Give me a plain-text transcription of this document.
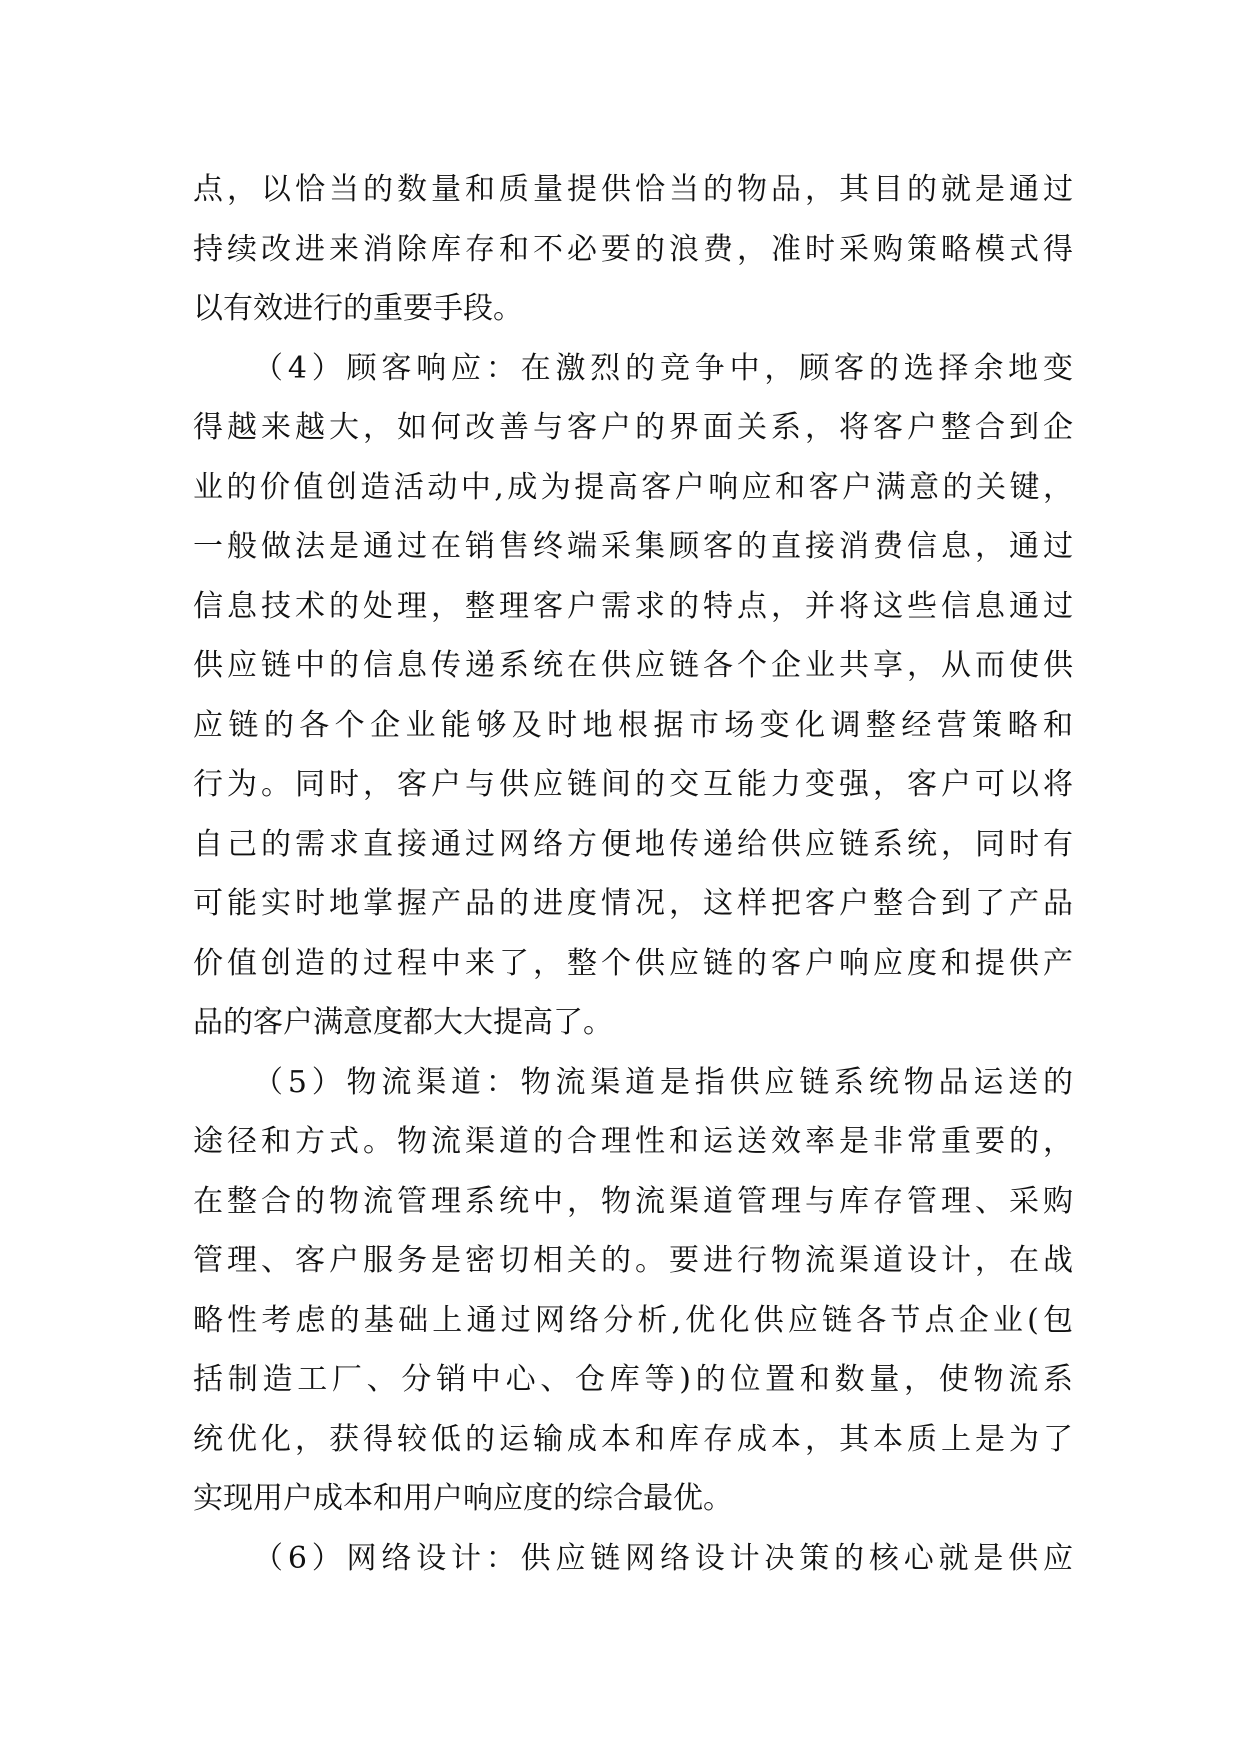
点，以恰当的数量和质量提供恰当的物品，其目的就是通过
持续改进来消除库存和不必要的浪费，准时采购策略模式得
以有效进行的重要手段。
（4）顾客响应：在激烈的竞争中，顾客的选择余地变
得越来越大，如何改善与客户的界面关系，将客户整合到企
业的价值创造活动中,成为提高客户响应和客户满意的关键，
一般做法是通过在销售终端采集顾客的直接消费信息，通过
信息技术的处理，整理客户需求的特点，并将这些信息通过
供应链中的信息传递系统在供应链各个企业共享，从而使供
应链的各个企业能够及时地根据市场变化调整经营策略和
行为。同时，客户与供应链间的交互能力变强，客户可以将
自己的需求直接通过网络方便地传递给供应链系统，同时有
可能实时地掌握产品的进度情况，这样把客户整合到了产品
价值创造的过程中来了，整个供应链的客户响应度和提供产
品的客户满意度都大大提高了。
（5）物流渠道：物流渠道是指供应链系统物品运送的
途径和方式。物流渠道的合理性和运送效率是非常重要的，
在整合的物流管理系统中，物流渠道管理与库存管理、采购
管理、客户服务是密切相关的。要进行物流渠道设计，在战
略性考虑的基础上通过网络分析,优化供应链各节点企业(包
括制造工厂、分销中心、仓库等)的位置和数量，使物流系
统优化，获得较低的运输成本和库存成本，其本质上是为了
实现用户成本和用户响应度的综合最优。
（6）网络设计：供应链网络设计决策的核心就是供应
